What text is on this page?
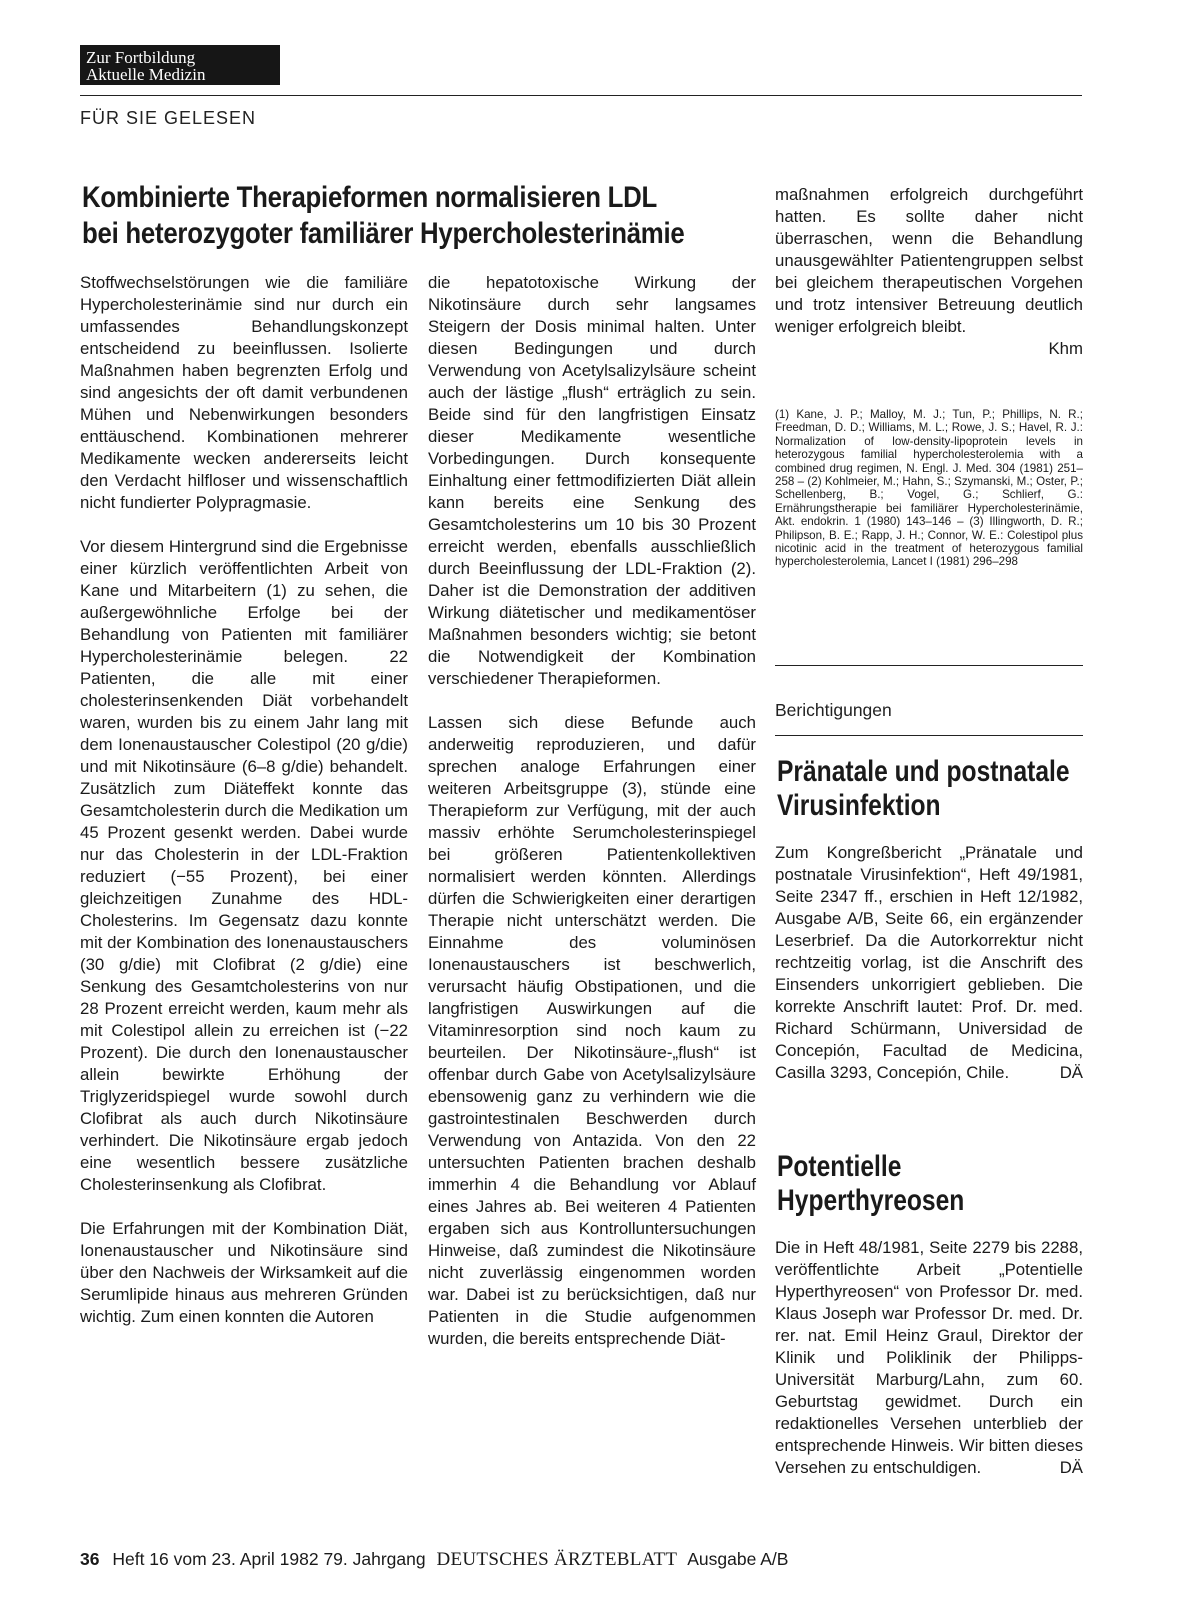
Zur Fortbildung
Aktuelle Medizin
FÜR SIE GELESEN
Kombinierte Therapieformen normalisieren LDL
bei heterozygoter familiärer Hypercholesterinämie

Stoffwechselstörungen wie die familiäre Hypercholesterinämie sind nur durch ein umfassendes Behandlungskonzept entscheidend zu beeinflussen. Isolierte Maßnahmen haben begrenzten Erfolg und sind angesichts der oft damit verbundenen Mühen und Nebenwirkungen besonders enttäuschend. Kombinationen mehrerer Medikamente wecken andererseits leicht den Verdacht hilfloser und wissenschaftlich nicht fundierter Polypragmasie.

Vor diesem Hintergrund sind die Ergebnisse einer kürzlich veröffentlichten Arbeit von Kane und Mitarbeitern (1) zu sehen, die außergewöhnliche Erfolge bei der Behandlung von Patienten mit familiärer Hypercholesterinämie belegen. 22 Patienten, die alle mit einer cholesterinsenkenden Diät vorbehandelt waren, wurden bis zu einem Jahr lang mit dem Ionenaustauscher Colestipol (20 g/die) und mit Nikotinsäure (6–8 g/die) behandelt. Zusätzlich zum Diäteffekt konnte das Gesamtcholesterin durch die Medikation um 45 Prozent gesenkt werden. Dabei wurde nur das Cholesterin in der LDL-Fraktion reduziert (−55 Prozent), bei einer gleichzeitigen Zunahme des HDL-Cholesterins. Im Gegensatz dazu konnte mit der Kombination des Ionenaustauschers (30 g/die) mit Clofibrat (2 g/die) eine Senkung des Gesamtcholesterins von nur 28 Prozent erreicht werden, kaum mehr als mit Colestipol allein zu erreichen ist (−22 Prozent). Die durch den Ionenaustauscher allein bewirkte Erhöhung der Triglyzeridspiegel wurde sowohl durch Clofibrat als auch durch Nikotinsäure verhindert. Die Nikotinsäure ergab jedoch eine wesentlich bessere zusätzliche Cholesterinsenkung als Clofibrat.

Die Erfahrungen mit der Kombination Diät, Ionenaustauscher und Nikotinsäure sind über den Nachweis der Wirksamkeit auf die Serumlipide hinaus aus mehreren Gründen wichtig. Zum einen konnten die Autoren

die hepatotoxische Wirkung der Nikotinsäure durch sehr langsames Steigern der Dosis minimal halten. Unter diesen Bedingungen und durch Verwendung von Acetylsalizylsäure scheint auch der lästige „flush“ erträglich zu sein. Beide sind für den langfristigen Einsatz dieser Medikamente wesentliche Vorbedingungen. Durch konsequente Einhaltung einer fettmodifizierten Diät allein kann bereits eine Senkung des Gesamtcholesterins um 10 bis 30 Prozent erreicht werden, ebenfalls ausschließlich durch Beeinflussung der LDL-Fraktion (2). Daher ist die Demonstration der additiven Wirkung diätetischer und medikamentöser Maßnahmen besonders wichtig; sie betont die Notwendigkeit der Kombination verschiedener Therapieformen.

Lassen sich diese Befunde auch anderweitig reproduzieren, und dafür sprechen analoge Erfahrungen einer weiteren Arbeitsgruppe (3), stünde eine Therapieform zur Verfügung, mit der auch massiv erhöhte Serumcholesterinspiegel bei größeren Patientenkollektiven normalisiert werden könnten. Allerdings dürfen die Schwierigkeiten einer derartigen Therapie nicht unterschätzt werden. Die Einnahme des voluminösen Ionenaustauschers ist beschwerlich, verursacht häufig Obstipationen, und die langfristigen Auswirkungen auf die Vitaminresorption sind noch kaum zu beurteilen. Der Nikotinsäure-„flush“ ist offenbar durch Gabe von Acetylsalizylsäure ebensowenig ganz zu verhindern wie die gastrointestinalen Beschwerden durch Verwendung von Antazida. Von den 22 untersuchten Patienten brachen deshalb immerhin 4 die Behandlung vor Ablauf eines Jahres ab. Bei weiteren 4 Patienten ergaben sich aus Kontrolluntersuchungen Hinweise, daß zumindest die Nikotinsäure nicht zuverlässig eingenommen worden war. Dabei ist zu berücksichtigen, daß nur Patienten in die Studie aufgenommen wurden, die bereits entsprechende Diät-

maßnahmen erfolgreich durchgeführt hatten. Es sollte daher nicht überraschen, wenn die Behandlung unausgewählter Patientengruppen selbst bei gleichem therapeutischen Vorgehen und trotz intensiver Betreuung deutlich weniger erfolgreich bleibt.

Khm
(1) Kane, J. P.; Malloy, M. J.; Tun, P.; Phillips, N. R.; Freedman, D. D.; Williams, M. L.; Rowe, J. S.; Havel, R. J.: Normalization of low-density-lipoprotein levels in heterozygous familial hypercholesterolemia with a combined drug regimen, N. Engl. J. Med. 304 (1981) 251–258 – (2) Kohlmeier, M.; Hahn, S.; Szymanski, M.; Oster, P.; Schellenberg, B.; Vogel, G.; Schlierf, G.: Ernährungstherapie bei familiärer Hypercholesterinämie, Akt. endokrin. 1 (1980) 143–146 – (3) Illingworth, D. R.; Philipson, B. E.; Rapp, J. H.; Connor, W. E.: Colestipol plus nicotinic acid in the treatment of heterozygous familial hypercholesterolemia, Lancet I (1981) 296–298
Berichtigungen
Pränatale und postnatale
Virusinfektion
Zum Kongreßbericht „Pränatale und postnatale Virusinfektion“, Heft 49/1981, Seite 2347 ff., erschien in Heft 12/1982, Ausgabe A/B, Seite 66, ein ergänzender Leserbrief. Da die Autorkorrektur nicht rechtzeitig vorlag, ist die Anschrift des Einsenders unkorrigiert geblieben. Die korrekte Anschrift lautet: Prof. Dr. med. Richard Schürmann, Universidad de Concepión, Facultad de Medicina, Casilla 3293, Concepión, Chile.	DÄ
Potentielle
Hyperthyreosen
Die in Heft 48/1981, Seite 2279 bis 2288, veröffentlichte Arbeit „Potentielle Hyperthyreosen“ von Professor Dr. med. Klaus Joseph war Professor Dr. med. Dr. rer. nat. Emil Heinz Graul, Direktor der Klinik und Poliklinik der Philipps-Universität Marburg/Lahn, zum 60. Geburtstag gewidmet. Durch ein redaktionelles Versehen unterblieb der entsprechende Hinweis. Wir bitten dieses Versehen zu entschuldigen.	DÄ
36 Heft 16 vom 23. April 1982 79. Jahrgang DEUTSCHES ÄRZTEBLATT Ausgabe A/B
